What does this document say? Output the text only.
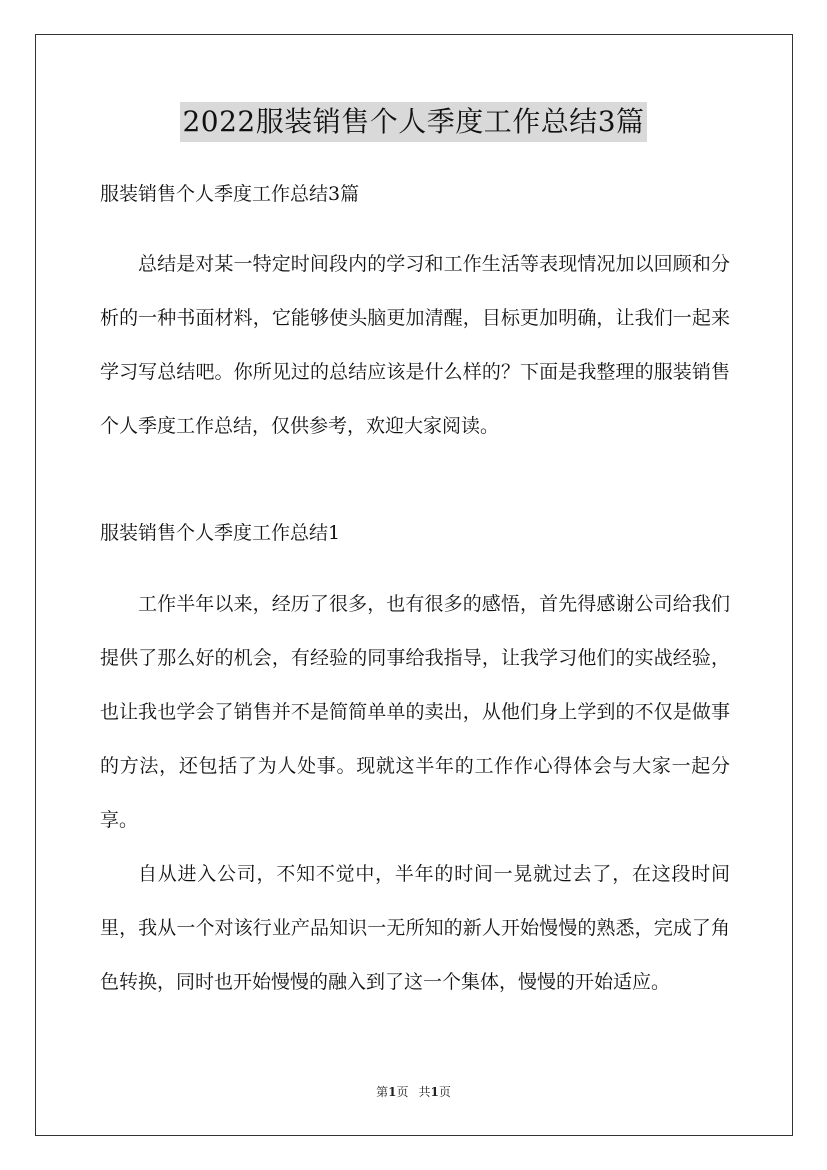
2022服装销售个人季度工作总结3篇

服装销售个人季度工作总结3篇

总结是对某一特定时间段内的学习和工作生活等表现情况加以回顾和分析的一种书面材料，它能够使头脑更加清醒，目标更加明确，让我们一起来学习写总结吧。你所见过的总结应该是什么样的？下面是我整理的服装销售个人季度工作总结，仅供参考，欢迎大家阅读。

服装销售个人季度工作总结1

工作半年以来，经历了很多，也有很多的感悟，首先得感谢公司给我们提供了那么好的机会，有经验的同事给我指导，让我学习他们的实战经验，也让我也学会了销售并不是简简单单的卖出，从他们身上学到的不仅是做事的方法，还包括了为人处事。现就这半年的工作作心得体会与大家一起分享。

自从进入公司，不知不觉中，半年的时间一晃就过去了，在这段时间里，我从一个对该行业产品知识一无所知的新人开始慢慢的熟悉，完成了角色转换，同时也开始慢慢的融入到了这一个集体，慢慢的开始适应。

第1页 共1页
